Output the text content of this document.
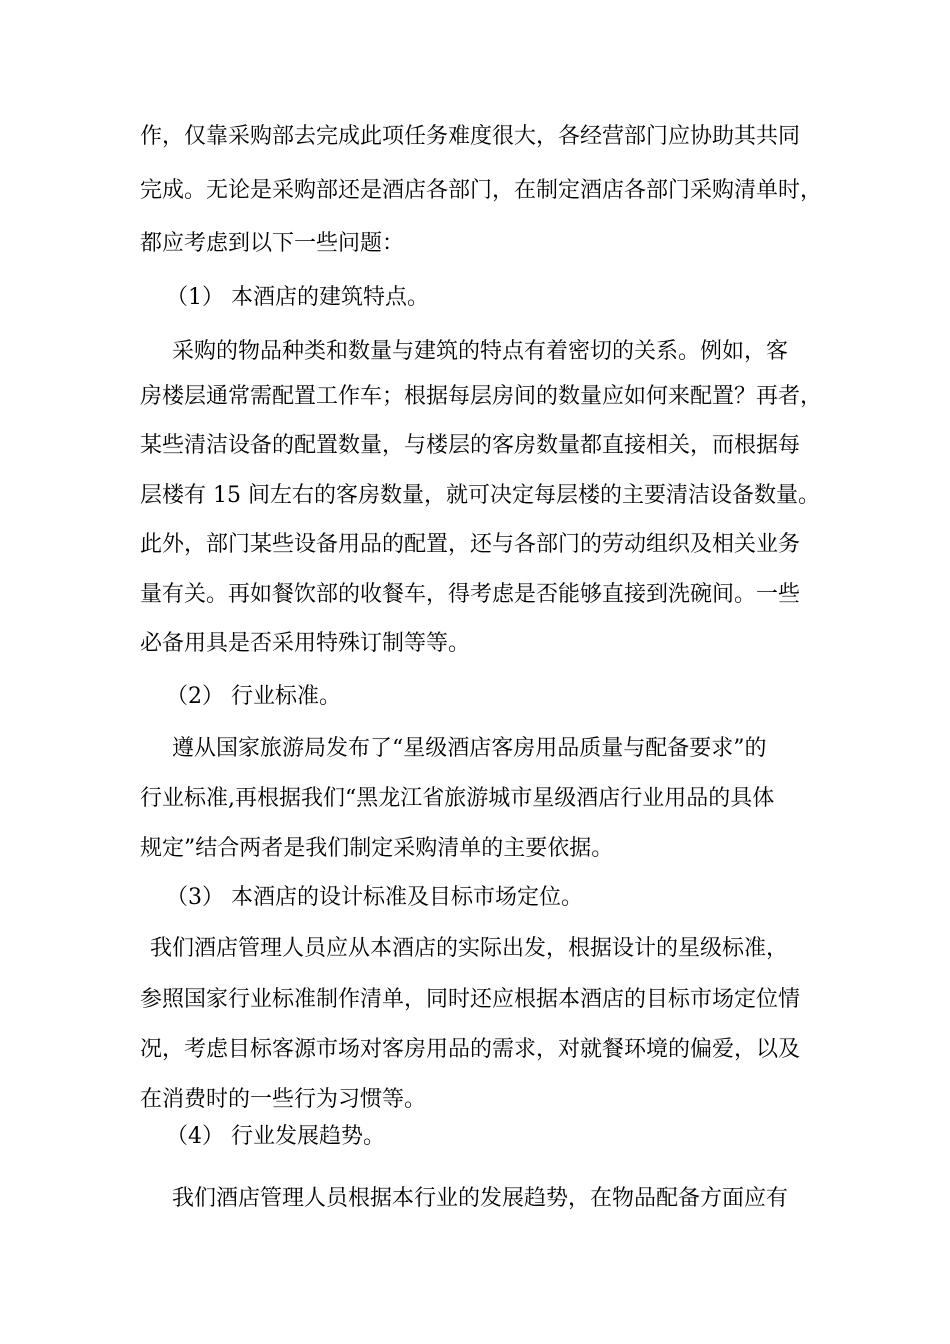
作，仅靠采购部去完成此项任务难度很大，各经营部门应协助其共同
完成。无论是采购部还是酒店各部门，在制定酒店各部门采购清单时，
都应考虑到以下一些问题：
（1） 本酒店的建筑特点。
采购的物品种类和数量与建筑的特点有着密切的关系。例如，客
房楼层通常需配置工作车；根据每层房间的数量应如何来配置？再者，
某些清洁设备的配置数量，与楼层的客房数量都直接相关，而根据每
层楼有 15 间左右的客房数量，就可决定每层楼的主要清洁设备数量。
此外，部门某些设备用品的配置，还与各部门的劳动组织及相关业务
量有关。再如餐饮部的收餐车，得考虑是否能够直接到洗碗间。一些
必备用具是否采用特殊订制等等。
（2） 行业标准。
遵从国家旅游局发布了“星级酒店客房用品质量与配备要求”的
行业标准,再根据我们“黑龙江省旅游城市星级酒店行业用品的具体
规定”结合两者是我们制定采购清单的主要依据。
（3） 本酒店的设计标准及目标市场定位。
我们酒店管理人员应从本酒店的实际出发，根据设计的星级标准，
参照国家行业标准制作清单，同时还应根据本酒店的目标市场定位情
况，考虑目标客源市场对客房用品的需求，对就餐环境的偏爱，以及
在消费时的一些行为习惯等。
（4） 行业发展趋势。
我们酒店管理人员根据本行业的发展趋势，在物品配备方面应有
